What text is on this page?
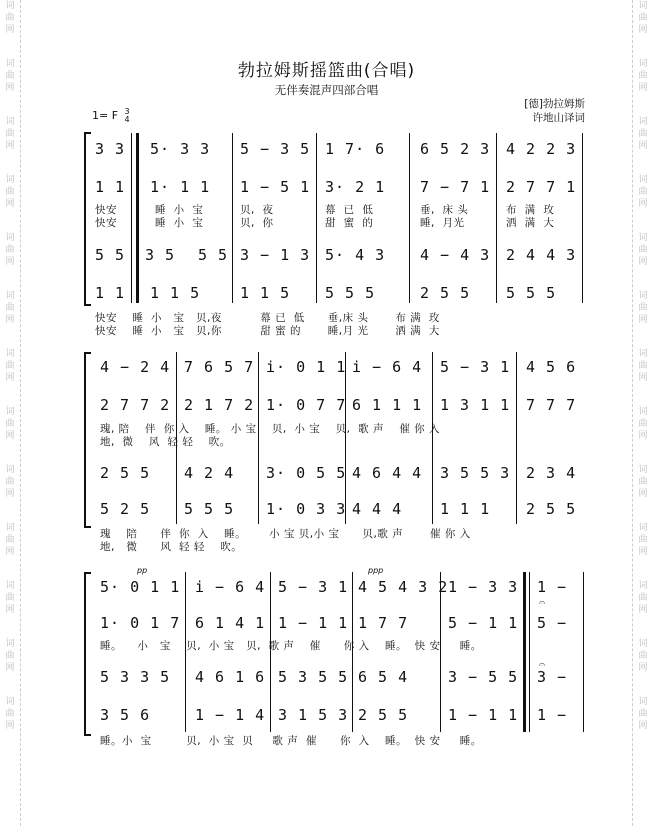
词曲网
词曲网
词曲网
词曲网
词曲网
词曲网
词曲网
词曲网
词曲网
词曲网
词曲网
词曲网
词曲网
词曲网
词曲网
词曲网
词曲网
词曲网
词曲网
词曲网
词曲网
词曲网
词曲网
词曲网
词曲网
词曲网
勃拉姆斯摇篮曲(合唱)
无伴奏混声四部合唱
1= F 3
4
[德]勃拉姆斯
许地山译词
3 3 5· 3 3 5 − 3 5 1 7· 6 6 5 2 3 4 2 2 3
1 1 1· 1 1 1 − 5 1 3· 2 1 7 − 7 1 2 7 7 1
快安	睡  小  宝	贝,  夜	幕  已  低	垂,  床 头	布  满  玫
快安	睡  小  宝	贝,  你	甜  蜜  的	睡,  月光	洒  满  大
5 5 3 5 5 5 3 − 1 3 5· 4 3 4 − 4 3 2 4 4 3
1 1 1 1 5	1 1 5 5 5 5	2 5 5 5 5 5
快安    睡  小   宝   贝,夜          幕 已  低      垂,床 头       布 满  玫
快安    睡  小   宝   贝,你          甜 蜜 的       睡,月 光       洒 满  大
4 − 2 4 7 6 5 7 i· 0 1 1 i − 6 4 5 − 3 1 4 5 6
2 7 7 2 2 1 7 2 1· 0 7 7 6 1 1 1 1 3 1 1 7 7 7
瑰, 陪    伴  你 入    睡。 小 宝    贝,  小 宝    贝,  歌 声    催 你 入
地,  微    风  轻 轻    吹。
2 5 5 4 2 4 3· 0 5 5 4 6 4 4 3 5 5 3 2 3 4
5 2 5 5 5 5 1· 0 3 3 4 4 4	1 1 1 2 5 5
瑰    陪      伴  你  入    睡。      小 宝 贝,小 宝      贝,歌 声       催 你 入
地,   微      风  轻 轻    吹。
pp	ppp
5· 0 1 1 i − 6 4 5 − 3 1 4 5 4 3 2 1 − 3 3 1 −
𝄐
1· 0 1 7 6 1 4 1 1 − 1 1 1 7 7	5 − 1 1 5 −
睡。    小   宝    贝,  小 宝   贝,  歌 声    催      你 入    睡。  快 安     睡。
𝄐
5 3 3 5 4 6 1 6 5 3 5 5 6 5 4	3 − 5 5 3 −
3 5 6	1 − 1 4 3 1 5 3 2 5 5	1 − 1 1 1 −
睡。小  宝         贝,  小 宝  贝     歌 声  催      你  入    睡。  快 安     睡。
